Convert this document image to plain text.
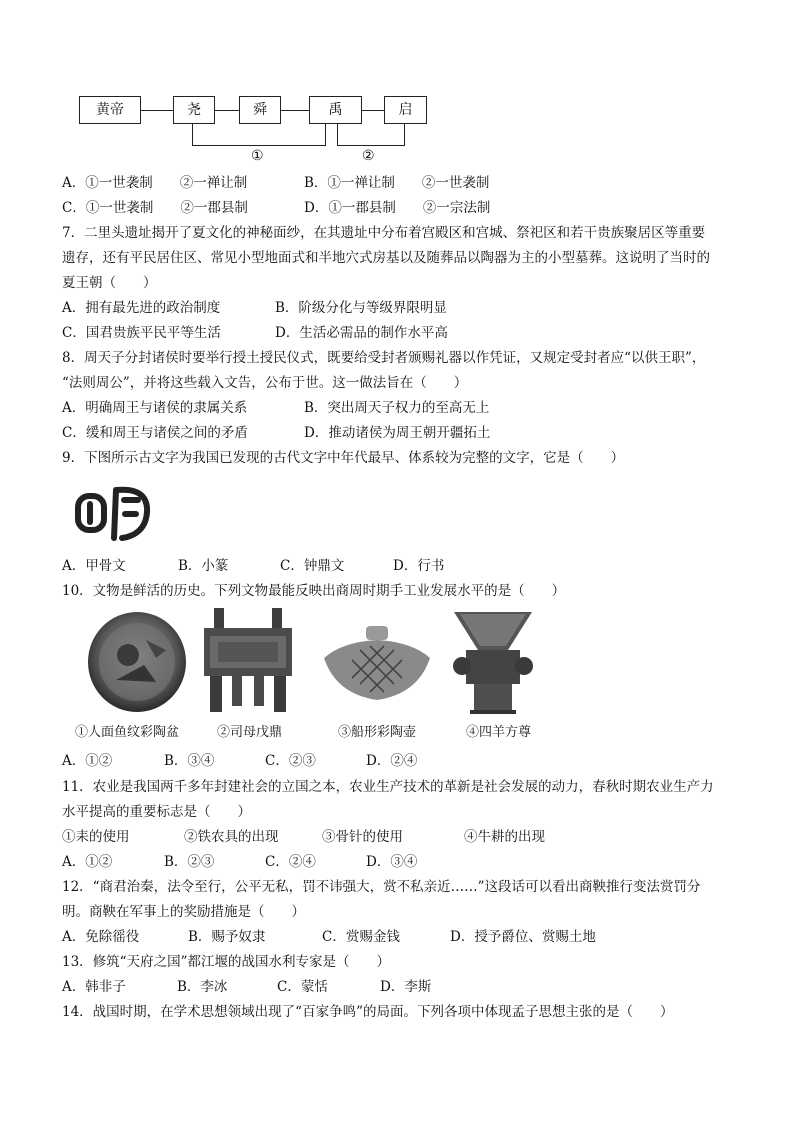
黄帝	尧	舜	禹	启
①	②
A．①一世袭制　　②一禅让制	B．①一禅让制　　②一世袭制
C．①一世袭制　　②一郡县制	D．①一郡县制　　②一宗法制
7．二里头遗址揭开了夏文化的神秘面纱，在其遗址中分布着宫殿区和宫城、祭祀区和若干贵族聚居区等重要
遗存，还有平民居住区、常见小型地面式和半地穴式房基以及随葬品以陶器为主的小型墓葬。这说明了当时的
夏王朝（　　）
A．拥有最先进的政治制度	B．阶级分化与等级界限明显
C．国君贵族平民平等生活	D．生活必需品的制作水平高
8．周天子分封诸侯时要举行授土授民仪式，既要给受封者颁赐礼器以作凭证，又规定受封者应“以供王职”，
“法则周公”，并将这些载入文告，公布于世。这一做法旨在（　　）
A．明确周王与诸侯的隶属关系	B．突出周天子权力的至高无上
C．缓和周王与诸侯之间的矛盾	D．推动诸侯为周王朝开疆拓土
9．下图所示古文字为我国已发现的古代文字中年代最早、体系较为完整的文字，它是（　　）
A．甲骨文	B．小篆	C．钟鼎文	D．行书
10．文物是鲜活的历史。下列文物最能反映出商周时期手工业发展水平的是（　　）
①人面鱼纹彩陶盆	②司母戊鼎	③船形彩陶壶	④四羊方尊
A．①②	B．③④	C．②③	D．②④
11．农业是我国两千多年封建社会的立国之本，农业生产技术的革新是社会发展的动力，春秋时期农业生产力
水平提高的重要标志是（　　）
①耒的使用	②铁农具的出现	③骨针的使用	④牛耕的出现
A．①②	B．②③	C．②④	D．③④
12．“商君治秦，法令至行，公平无私，罚不讳强大，赏不私亲近……”这段话可以看出商鞅推行变法赏罚分
明。商鞅在军事上的奖励措施是（　　）
A．免除徭役	B．赐予奴隶	C．赏赐金钱	D．授予爵位、赏赐土地
13．修筑“天府之国”都江堰的战国水利专家是（　　）
A．韩非子	B．李冰	C．蒙恬	D．李斯
14．战国时期，在学术思想领域出现了“百家争鸣”的局面。下列各项中体现孟子思想主张的是（　　）
